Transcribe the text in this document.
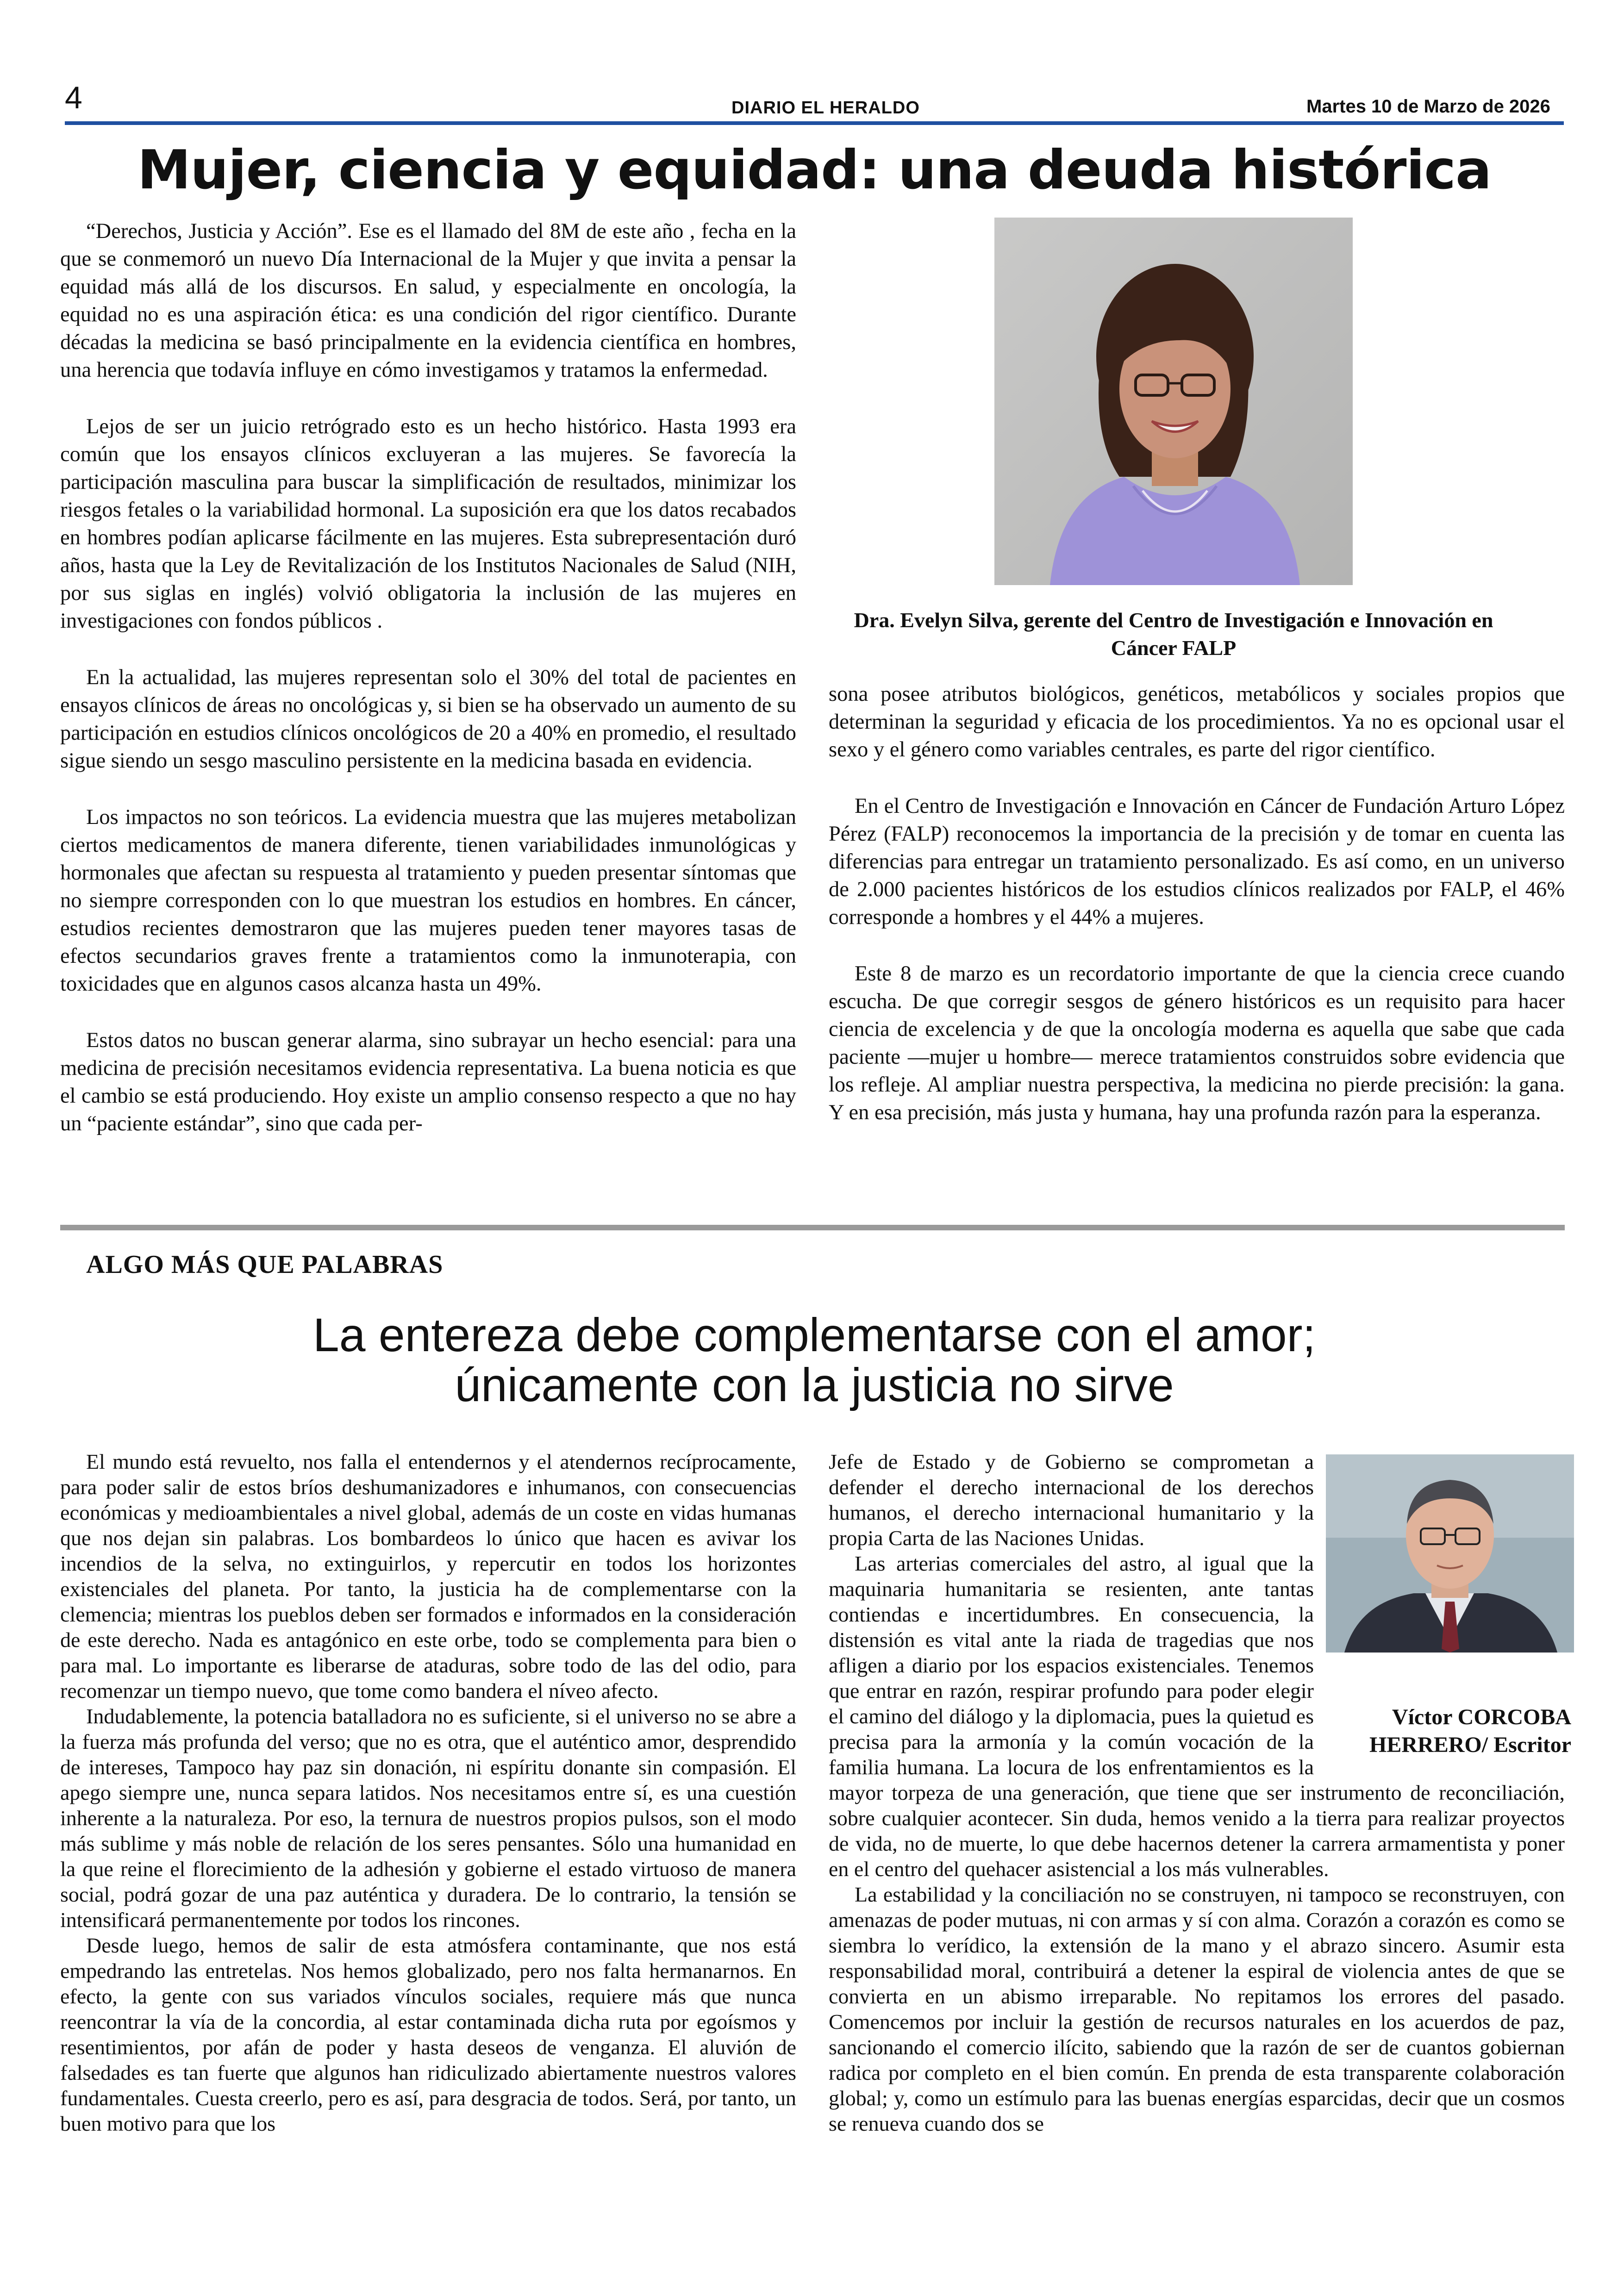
4	DIARIO EL HERALDO	Martes 10 de Marzo de 2026
Mujer, ciencia y equidad: una deuda histórica

“Derechos, Justicia y Acción”. Ese es el llamado del 8M de este año , fecha en la que se conmemoró un nuevo Día Internacional de la Mujer y que invita a pensar la equidad más allá de los discursos. En salud, y especialmente en oncología, la equidad no es una aspiración ética: es una condición del rigor científico. Durante décadas la medicina se basó principalmente en la evidencia científica en hombres, una herencia que todavía influye en cómo investigamos y tratamos la enfermedad.

Lejos de ser un juicio retrógrado esto es un hecho histórico. Hasta 1993 era común que los ensayos clínicos excluyeran a las mujeres. Se favorecía la participación masculina para buscar la simplificación de resultados, minimizar los riesgos fetales o la variabilidad hormonal. La suposición era que los datos recabados en hombres podían aplicarse fácilmente en las mujeres. Esta subrepresentación duró años, hasta que la Ley de Revitalización de los Institutos Nacionales de Salud (NIH, por sus siglas en inglés) volvió obligatoria la inclusión de las mujeres en investigaciones con fondos públicos .

En la actualidad, las mujeres representan solo el 30% del total de pacientes en ensayos clínicos de áreas no oncológicas y, si bien se ha observado un aumento de su participación en estudios clínicos oncológicos de 20 a 40% en promedio, el resultado sigue siendo un sesgo masculino persistente en la medicina basada en evidencia.

Los impactos no son teóricos. La evidencia muestra que las mujeres metabolizan ciertos medicamentos de manera diferente, tienen variabilidades inmunológicas y hormonales que afectan su respuesta al tratamiento y pueden presentar síntomas que no siempre corresponden con lo que muestran los estudios en hombres. En cáncer, estudios recientes demostraron que las mujeres pueden tener mayores tasas de efectos secundarios graves frente a tratamientos como la inmunoterapia, con toxicidades que en algunos casos alcanza hasta un 49%.

Estos datos no buscan generar alarma, sino subrayar un hecho esencial: para una medicina de precisión necesitamos evidencia representativa. La buena noticia es que el cambio se está produciendo. Hoy existe un amplio consenso respecto a que no hay un “paciente estándar”, sino que cada per-

Dra. Evelyn Silva, gerente del Centro de Investigación e Innovación en Cáncer FALP

sona posee atributos biológicos, genéticos, metabólicos y sociales propios que determinan la seguridad y eficacia de los procedimientos. Ya no es opcional usar el sexo y el género como variables centrales, es parte del rigor científico.

En el Centro de Investigación e Innovación en Cáncer de Fundación Arturo López Pérez (FALP) reconocemos la importancia de la precisión y de tomar en cuenta las diferencias para entregar un tratamiento personalizado. Es así como, en un universo de 2.000 pacientes históricos de los estudios clínicos realizados por FALP, el 46% corresponde a hombres y el 44% a mujeres.

Este 8 de marzo es un recordatorio importante de que la ciencia crece cuando escucha. De que corregir sesgos de género históricos es un requisito para hacer ciencia de excelencia y de que la oncología moderna es aquella que sabe que cada paciente —mujer u hombre— merece tratamientos construidos sobre evidencia que los refleje. Al ampliar nuestra perspectiva, la medicina no pierde precisión: la gana. Y en esa precisión, más justa y humana, hay una profunda razón para la esperanza.

ALGO MÁS QUE PALABRAS
La entereza debe complementarse con el amor;
únicamente con la justicia no sirve

El mundo está revuelto, nos falla el entendernos y el atendernos recíprocamente, para poder salir de estos bríos deshumanizadores e inhumanos, con consecuencias económicas y medioambientales a nivel global, además de un coste en vidas humanas que nos dejan sin palabras. Los bombardeos lo único que hacen es avivar los incendios de la selva, no extinguirlos, y repercutir en todos los horizontes existenciales del planeta. Por tanto, la justicia ha de complementarse con la clemencia; mientras los pueblos deben ser formados e informados en la consideración de este derecho. Nada es antagónico en este orbe, todo se complementa para bien o para mal. Lo importante es liberarse de ataduras, sobre todo de las del odio, para recomenzar un tiempo nuevo, que tome como bandera el níveo afecto.

Indudablemente, la potencia batalladora no es suficiente, si el universo no se abre a la fuerza más profunda del verso; que no es otra, que el auténtico amor, desprendido de intereses, Tampoco hay paz sin donación, ni espíritu donante sin compasión. El apego siempre une, nunca separa latidos. Nos necesitamos entre sí, es una cuestión inherente a la naturaleza. Por eso, la ternura de nuestros propios pulsos, son el modo más sublime y más noble de relación de los seres pensantes. Sólo una humanidad en la que reine el florecimiento de la adhesión y gobierne el estado virtuoso de manera social, podrá gozar de una paz auténtica y duradera. De lo contrario, la tensión se intensificará permanentemente por todos los rincones.

Desde luego, hemos de salir de esta atmósfera contaminante, que nos está empedrando las entretelas. Nos hemos globalizado, pero nos falta hermanarnos. En efecto, la gente con sus variados vínculos sociales, requiere más que nunca reencontrar la vía de la concordia, al estar contaminada dicha ruta por egoísmos y resentimientos, por afán de poder y hasta deseos de venganza. El aluvión de falsedades es tan fuerte que algunos han ridiculizado abiertamente nuestros valores fundamentales. Cuesta creerlo, pero es así, para desgracia de todos. Será, por tanto, un buen motivo para que los

Víctor CORCOBA HERRERO/ Escritor

Jefe de Estado y de Gobierno se comprometan a defender el derecho internacional de los derechos humanos, el derecho internacional humanitario y la propia Carta de las Naciones Unidas.

Las arterias comerciales del astro, al igual que la maquinaria humanitaria se resienten, ante tantas contiendas e incertidumbres. En consecuencia, la distensión es vital ante la riada de tragedias que nos afligen a diario por los espacios existenciales. Tenemos que entrar en razón, respirar profundo para poder elegir el camino del diálogo y la diplomacia, pues la quietud es precisa para la armonía y la común vocación de la familia humana. La locura de los enfrentamientos es la mayor torpeza de una generación, que tiene que ser instrumento de reconciliación, sobre cualquier acontecer. Sin duda, hemos venido a la tierra para realizar proyectos de vida, no de muerte, lo que debe hacernos detener la carrera armamentista y poner en el centro del quehacer asistencial a los más vulnerables.

La estabilidad y la conciliación no se construyen, ni tampoco se reconstruyen, con amenazas de poder mutuas, ni con armas y sí con alma. Corazón a corazón es como se siembra lo verídico, la extensión de la mano y el abrazo sincero. Asumir esta responsabilidad moral, contribuirá a detener la espiral de violencia antes de que se convierta en un abismo irreparable. No repitamos los errores del pasado. Comencemos por incluir la gestión de recursos naturales en los acuerdos de paz, sancionando el comercio ilícito, sabiendo que la razón de ser de cuantos gobiernan radica por completo en el bien común. En prenda de esta transparente colaboración global; y, como un estímulo para las buenas energías esparcidas, decir que un cosmos se renueva cuando dos se
